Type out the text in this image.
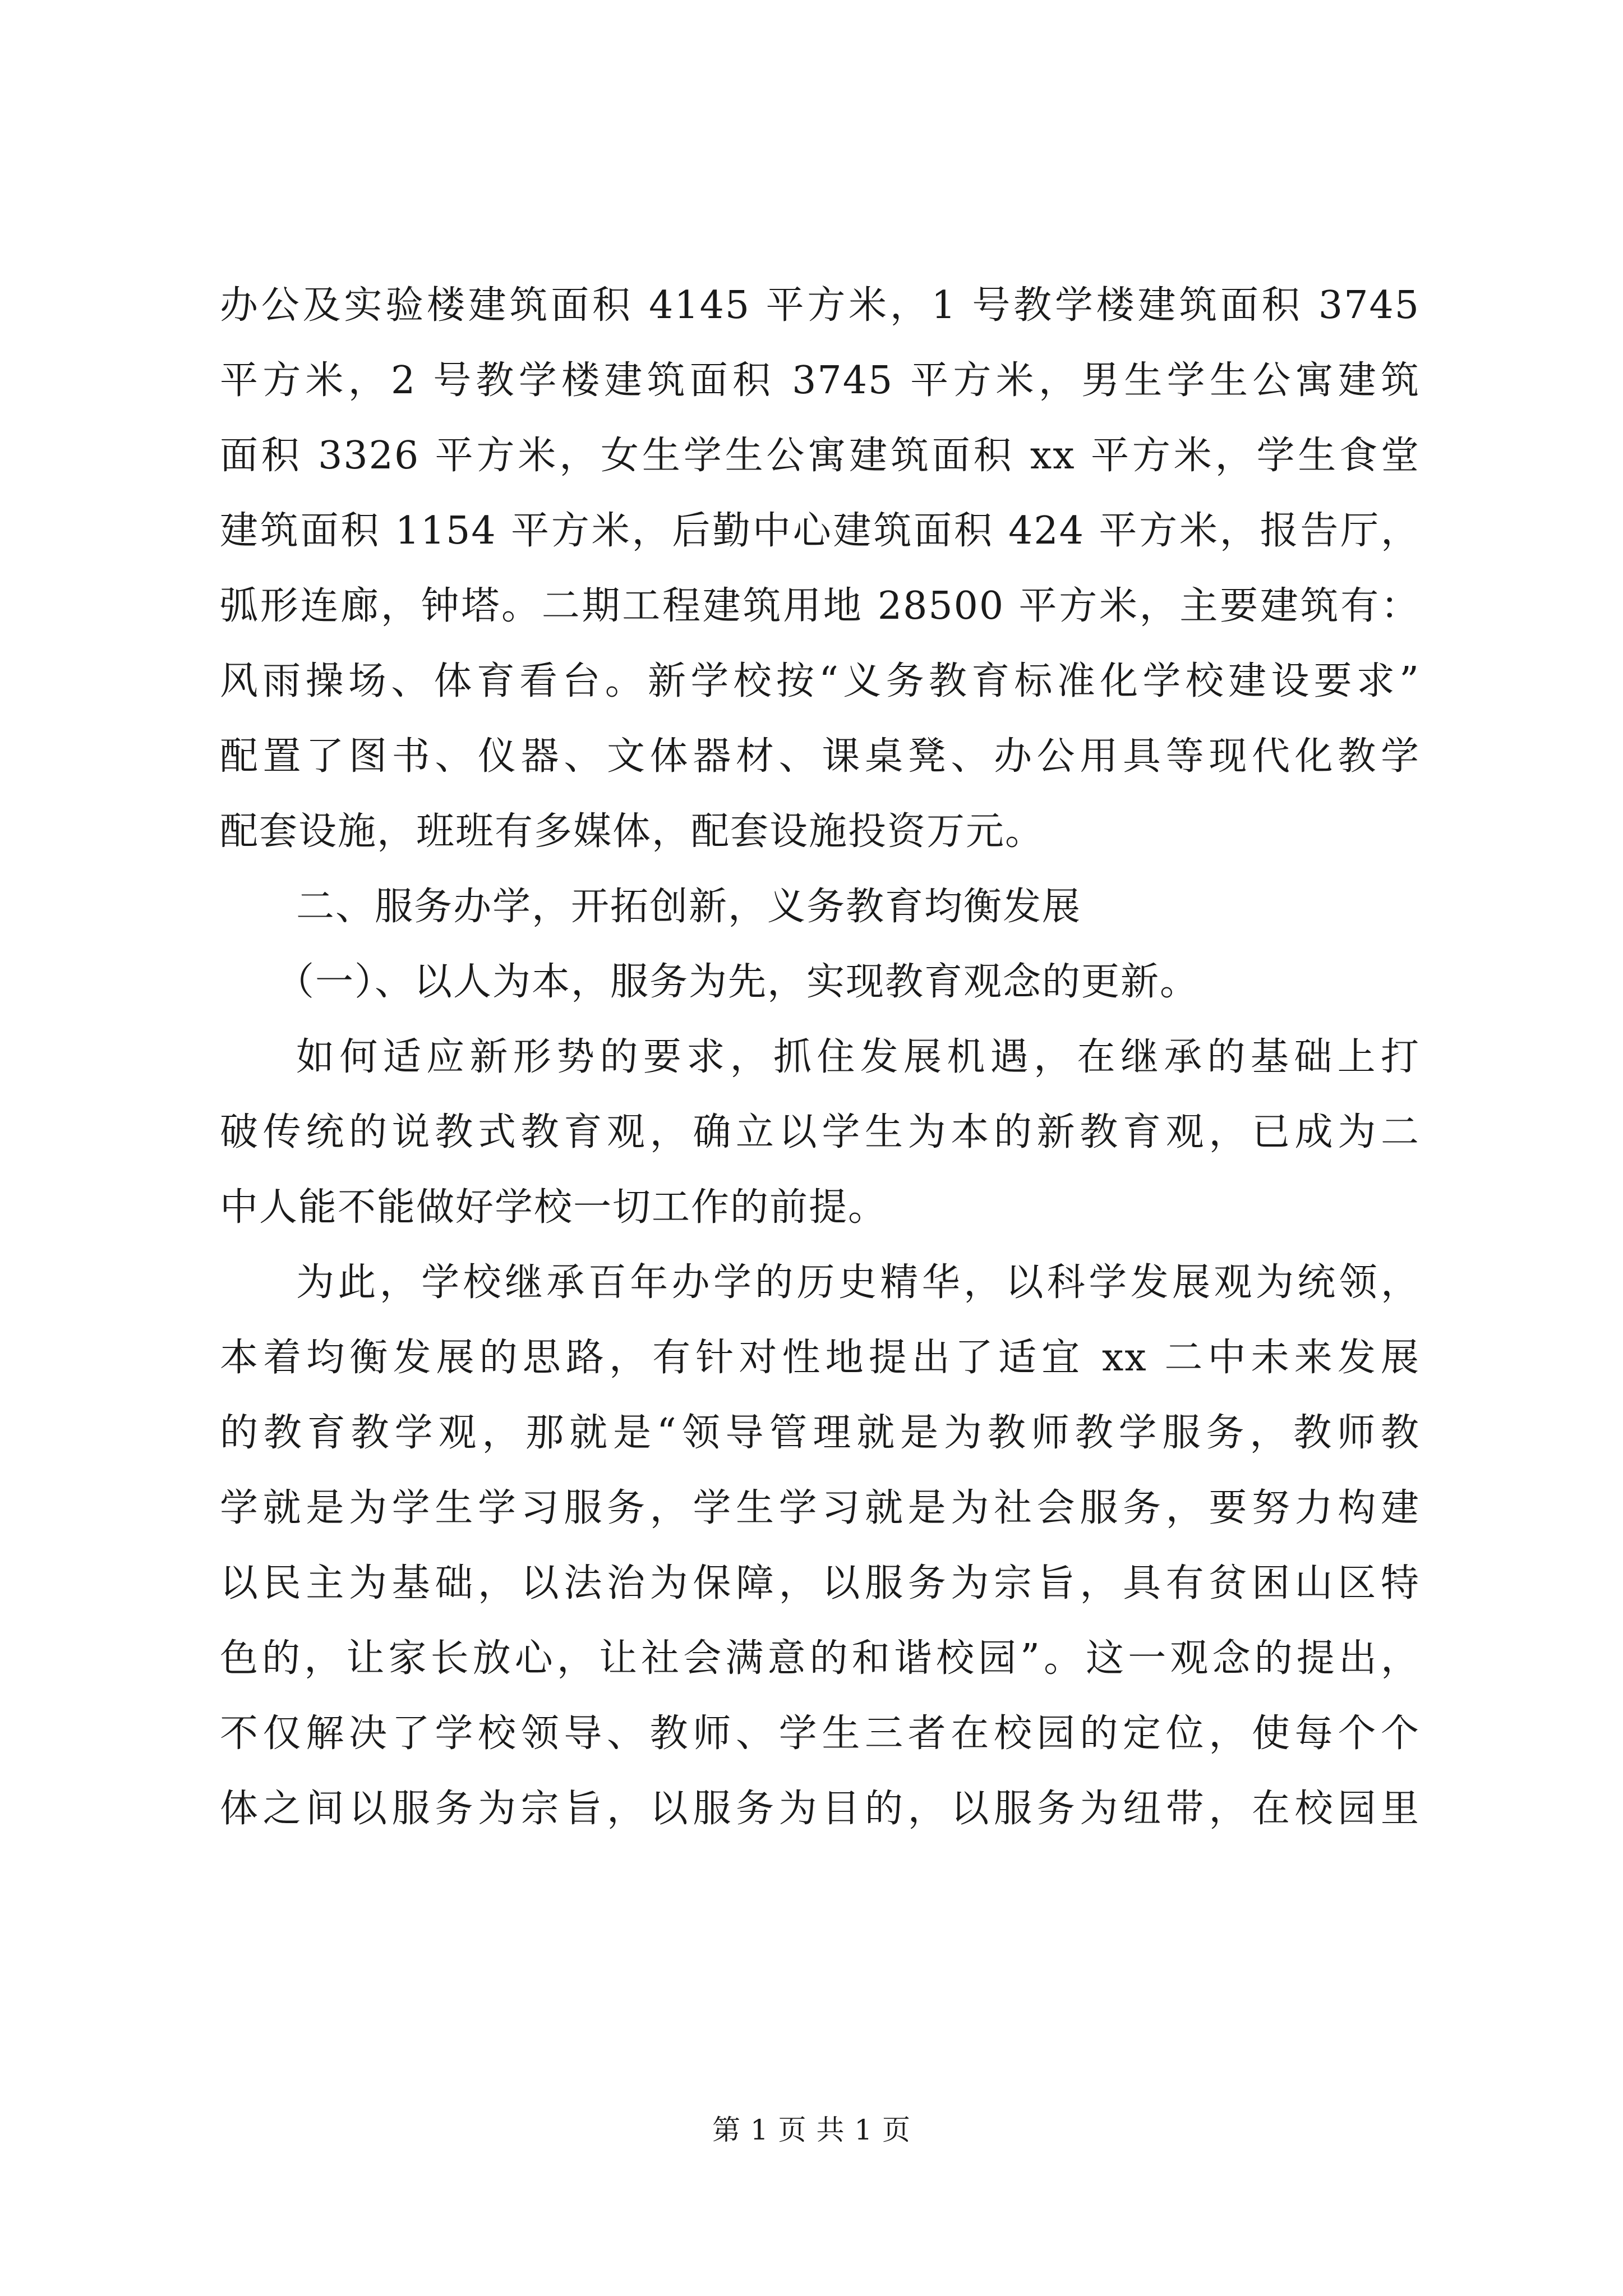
办公及实验楼建筑面积 4145 平方米，1 号教学楼建筑面积 3745
平方米，2 号教学楼建筑面积 3745 平方米，男生学生公寓建筑
面积 3326 平方米，女生学生公寓建筑面积 xx 平方米，学生食堂
建筑面积 1154 平方米，后勤中心建筑面积 424 平方米，报告厅，
弧形连廊，钟塔。二期工程建筑用地 28500 平方米，主要建筑有：
风雨操场、体育看台。新学校按“义务教育标准化学校建设要求”
配置了图书、仪器、文体器材、课桌凳、办公用具等现代化教学
配套设施，班班有多媒体，配套设施投资万元。
二、服务办学，开拓创新，义务教育均衡发展
（一）、以人为本，服务为先，实现教育观念的更新。
如何适应新形势的要求，抓住发展机遇，在继承的基础上打
破传统的说教式教育观，确立以学生为本的新教育观，已成为二
中人能不能做好学校一切工作的前提。
为此，学校继承百年办学的历史精华，以科学发展观为统领，
本着均衡发展的思路，有针对性地提出了适宜 xx 二中未来发展
的教育教学观，那就是“领导管理就是为教师教学服务，教师教
学就是为学生学习服务，学生学习就是为社会服务，要努力构建
以民主为基础，以法治为保障，以服务为宗旨，具有贫困山区特
色的，让家长放心，让社会满意的和谐校园”。这一观念的提出，
不仅解决了学校领导、教师、学生三者在校园的定位，使每个个
体之间以服务为宗旨，以服务为目的，以服务为纽带，在校园里
第 1 页 共 1 页
